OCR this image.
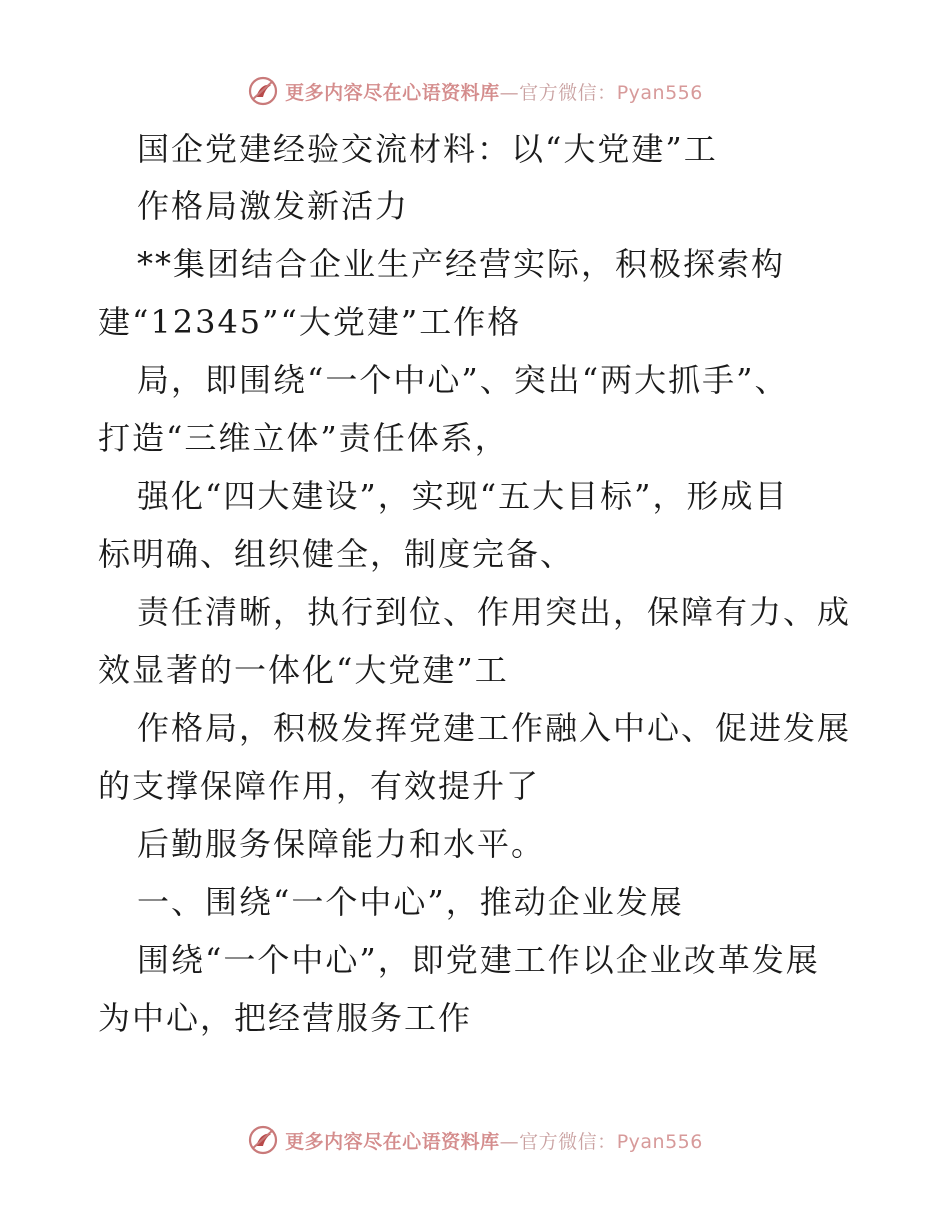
更多内容尽在心语资料库—官方微信：Pyan556
国企党建经验交流材料：以“大党建”工
作格局激发新活力
**集团结合企业生产经营实际，积极探索构
建“12345”“大党建”工作格
局，即围绕“一个中心”、突出“两大抓手”、
打造“三维立体”责任体系，
强化“四大建设”，实现“五大目标”，形成目
标明确、组织健全，制度完备、
责任清晰，执行到位、作用突出，保障有力、成
效显著的一体化“大党建”工
作格局，积极发挥党建工作融入中心、促进发展
的支撑保障作用，有效提升了
后勤服务保障能力和水平。
一、围绕“一个中心”，推动企业发展
围绕“一个中心”，即党建工作以企业改革发展
为中心，把经营服务工作
更多内容尽在心语资料库—官方微信：Pyan556
